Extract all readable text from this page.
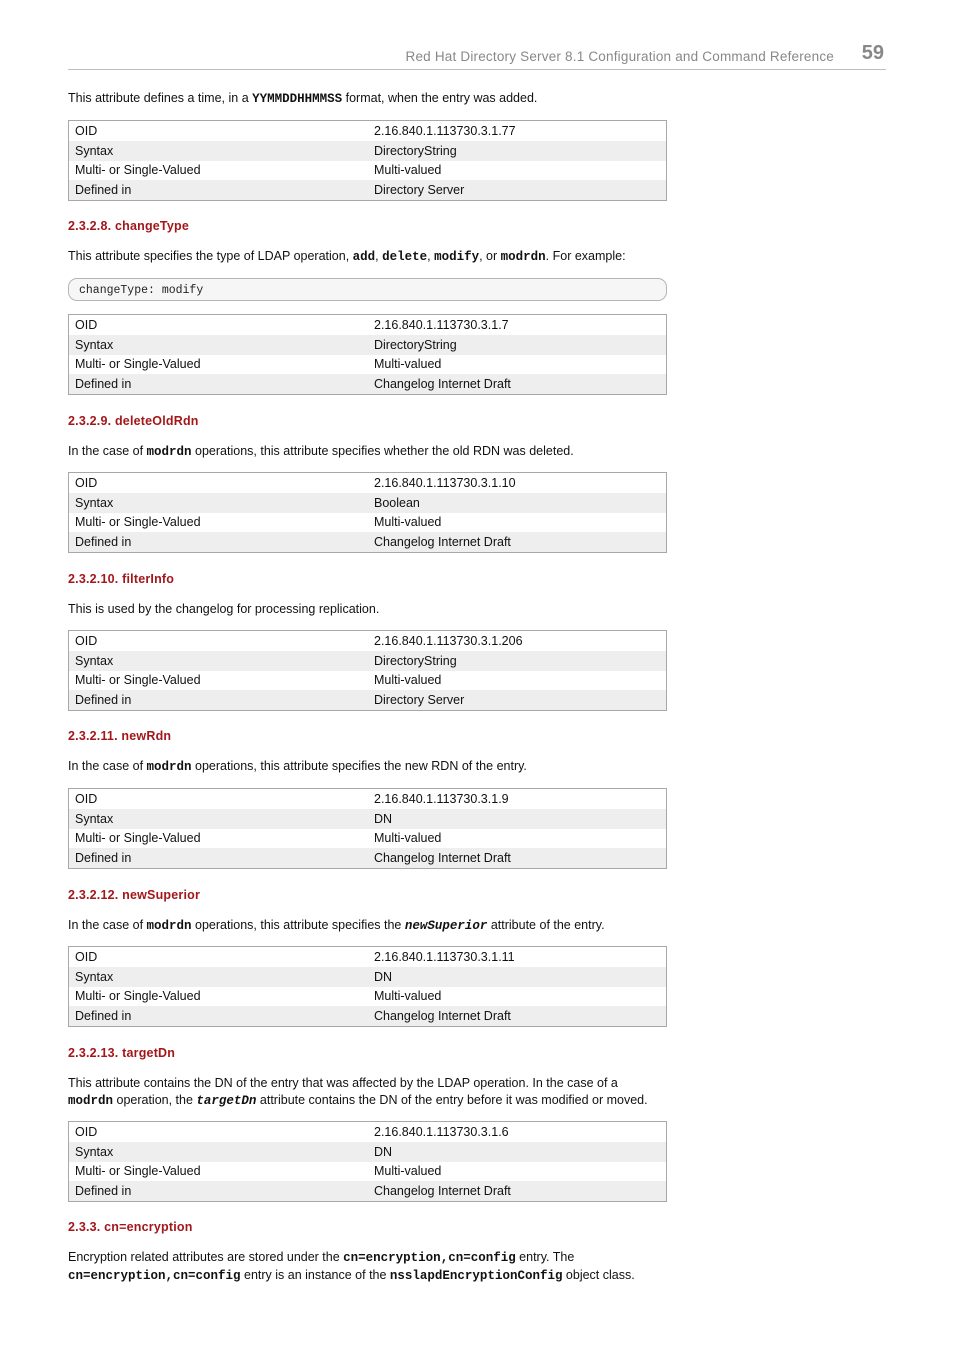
Red Hat Directory Server 8.1 Configuration and Command Reference 59
This attribute defines a time, in a YYMMDDHHMMSS format, when the entry was added.
OID	2.16.840.1.113730.3.1.77
Syntax	DirectoryString
Multi- or Single-Valued	Multi-valued
Defined in	Directory Server
2.3.2.8. changeType
This attribute specifies the type of LDAP operation, add, delete, modify, or modrdn. For example:
changeType: modify
OID	2.16.840.1.113730.3.1.7
Syntax	DirectoryString
Multi- or Single-Valued	Multi-valued
Defined in	Changelog Internet Draft
2.3.2.9. deleteOldRdn
In the case of modrdn operations, this attribute specifies whether the old RDN was deleted.
OID	2.16.840.1.113730.3.1.10
Syntax	Boolean
Multi- or Single-Valued	Multi-valued
Defined in	Changelog Internet Draft
2.3.2.10. filterInfo
This is used by the changelog for processing replication.
OID	2.16.840.1.113730.3.1.206
Syntax	DirectoryString
Multi- or Single-Valued	Multi-valued
Defined in	Directory Server
2.3.2.11. newRdn
In the case of modrdn operations, this attribute specifies the new RDN of the entry.
OID	2.16.840.1.113730.3.1.9
Syntax	DN
Multi- or Single-Valued	Multi-valued
Defined in	Changelog Internet Draft
2.3.2.12. newSuperior
In the case of modrdn operations, this attribute specifies the newSuperior attribute of the entry.
OID	2.16.840.1.113730.3.1.11
Syntax	DN
Multi- or Single-Valued	Multi-valued
Defined in	Changelog Internet Draft
2.3.2.13. targetDn
This attribute contains the DN of the entry that was affected by the LDAP operation. In the case of a
modrdn operation, the targetDn attribute contains the DN of the entry before it was modified or moved.
OID	2.16.840.1.113730.3.1.6
Syntax	DN
Multi- or Single-Valued	Multi-valued
Defined in	Changelog Internet Draft
2.3.3. cn=encryption
Encryption related attributes are stored under the cn=encryption,cn=config entry. The
cn=encryption,cn=config entry is an instance of the nsslapdEncryptionConfig object class.
